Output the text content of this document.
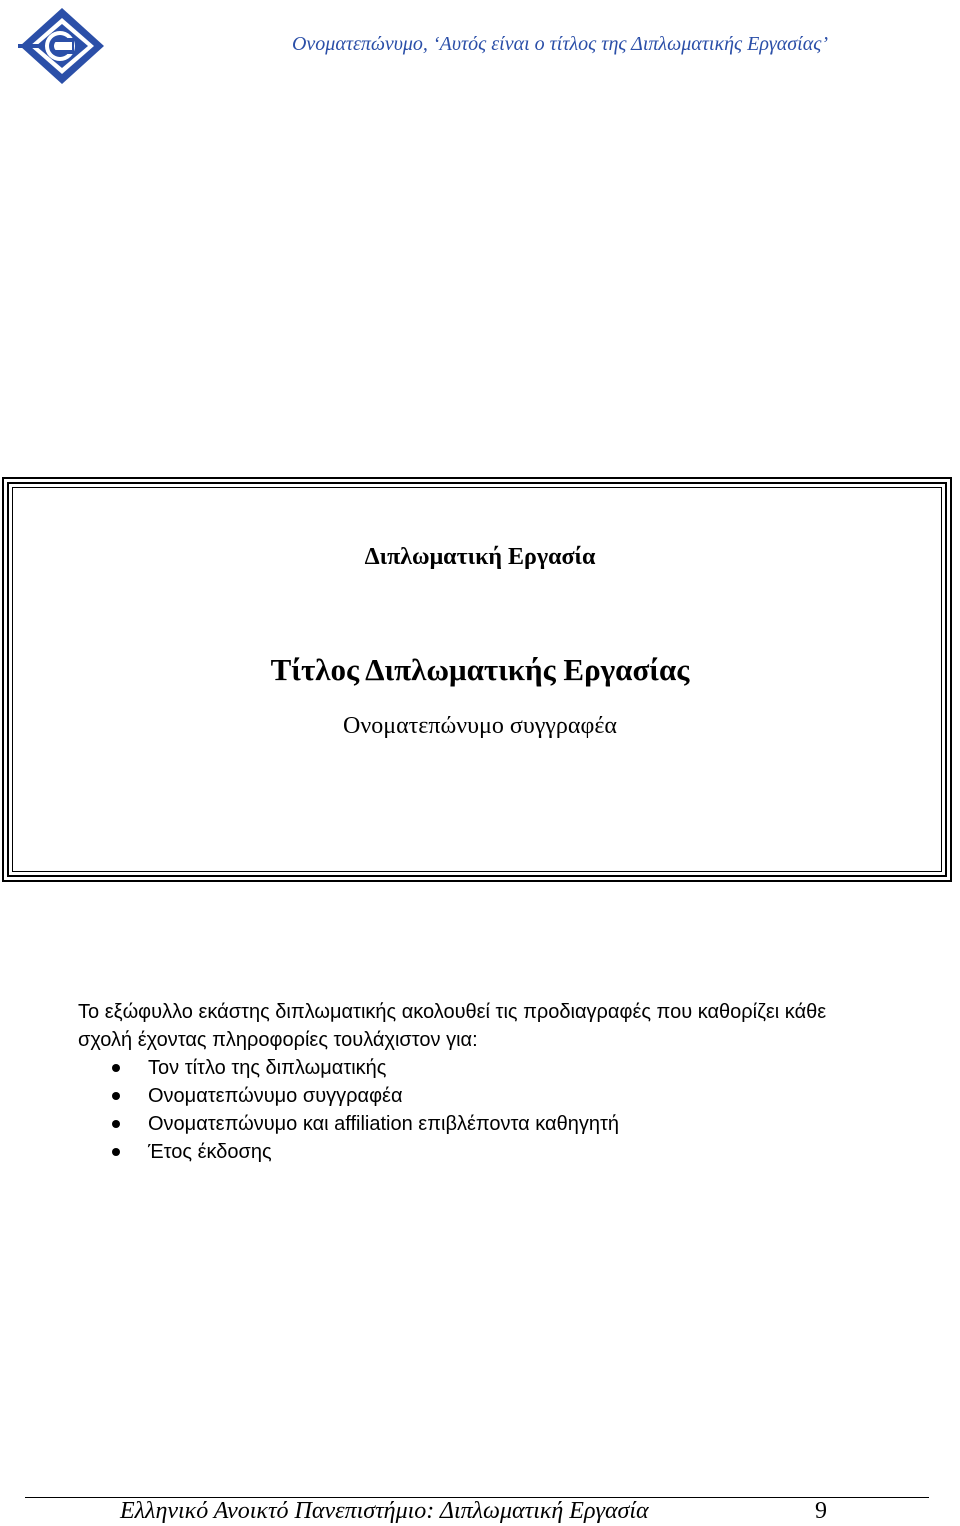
Ονοματεπώνυμο, ‘Αυτός είναι ο τίτλος της Διπλωματικής Εργασίας’
Διπλωματική Εργασία
Τίτλος Διπλωματικής Εργασίας
Ονοματεπώνυμο συγγραφέα

Το εξώφυλλο εκάστης διπλωματικής ακολουθεί τις προδιαγραφές που καθορίζει κάθε σχολή έχοντας πληροφορίες τουλάχιστον για:

Τον τίτλο της διπλωματικής
Ονοματεπώνυμο συγγραφέα
Ονοματεπώνυμο και affiliation επιβλέποντα καθηγητή
Έτος έκδοσης
Ελληνικό Ανοικτό Πανεπιστήμιο: Διπλωματική Εργασία	9
